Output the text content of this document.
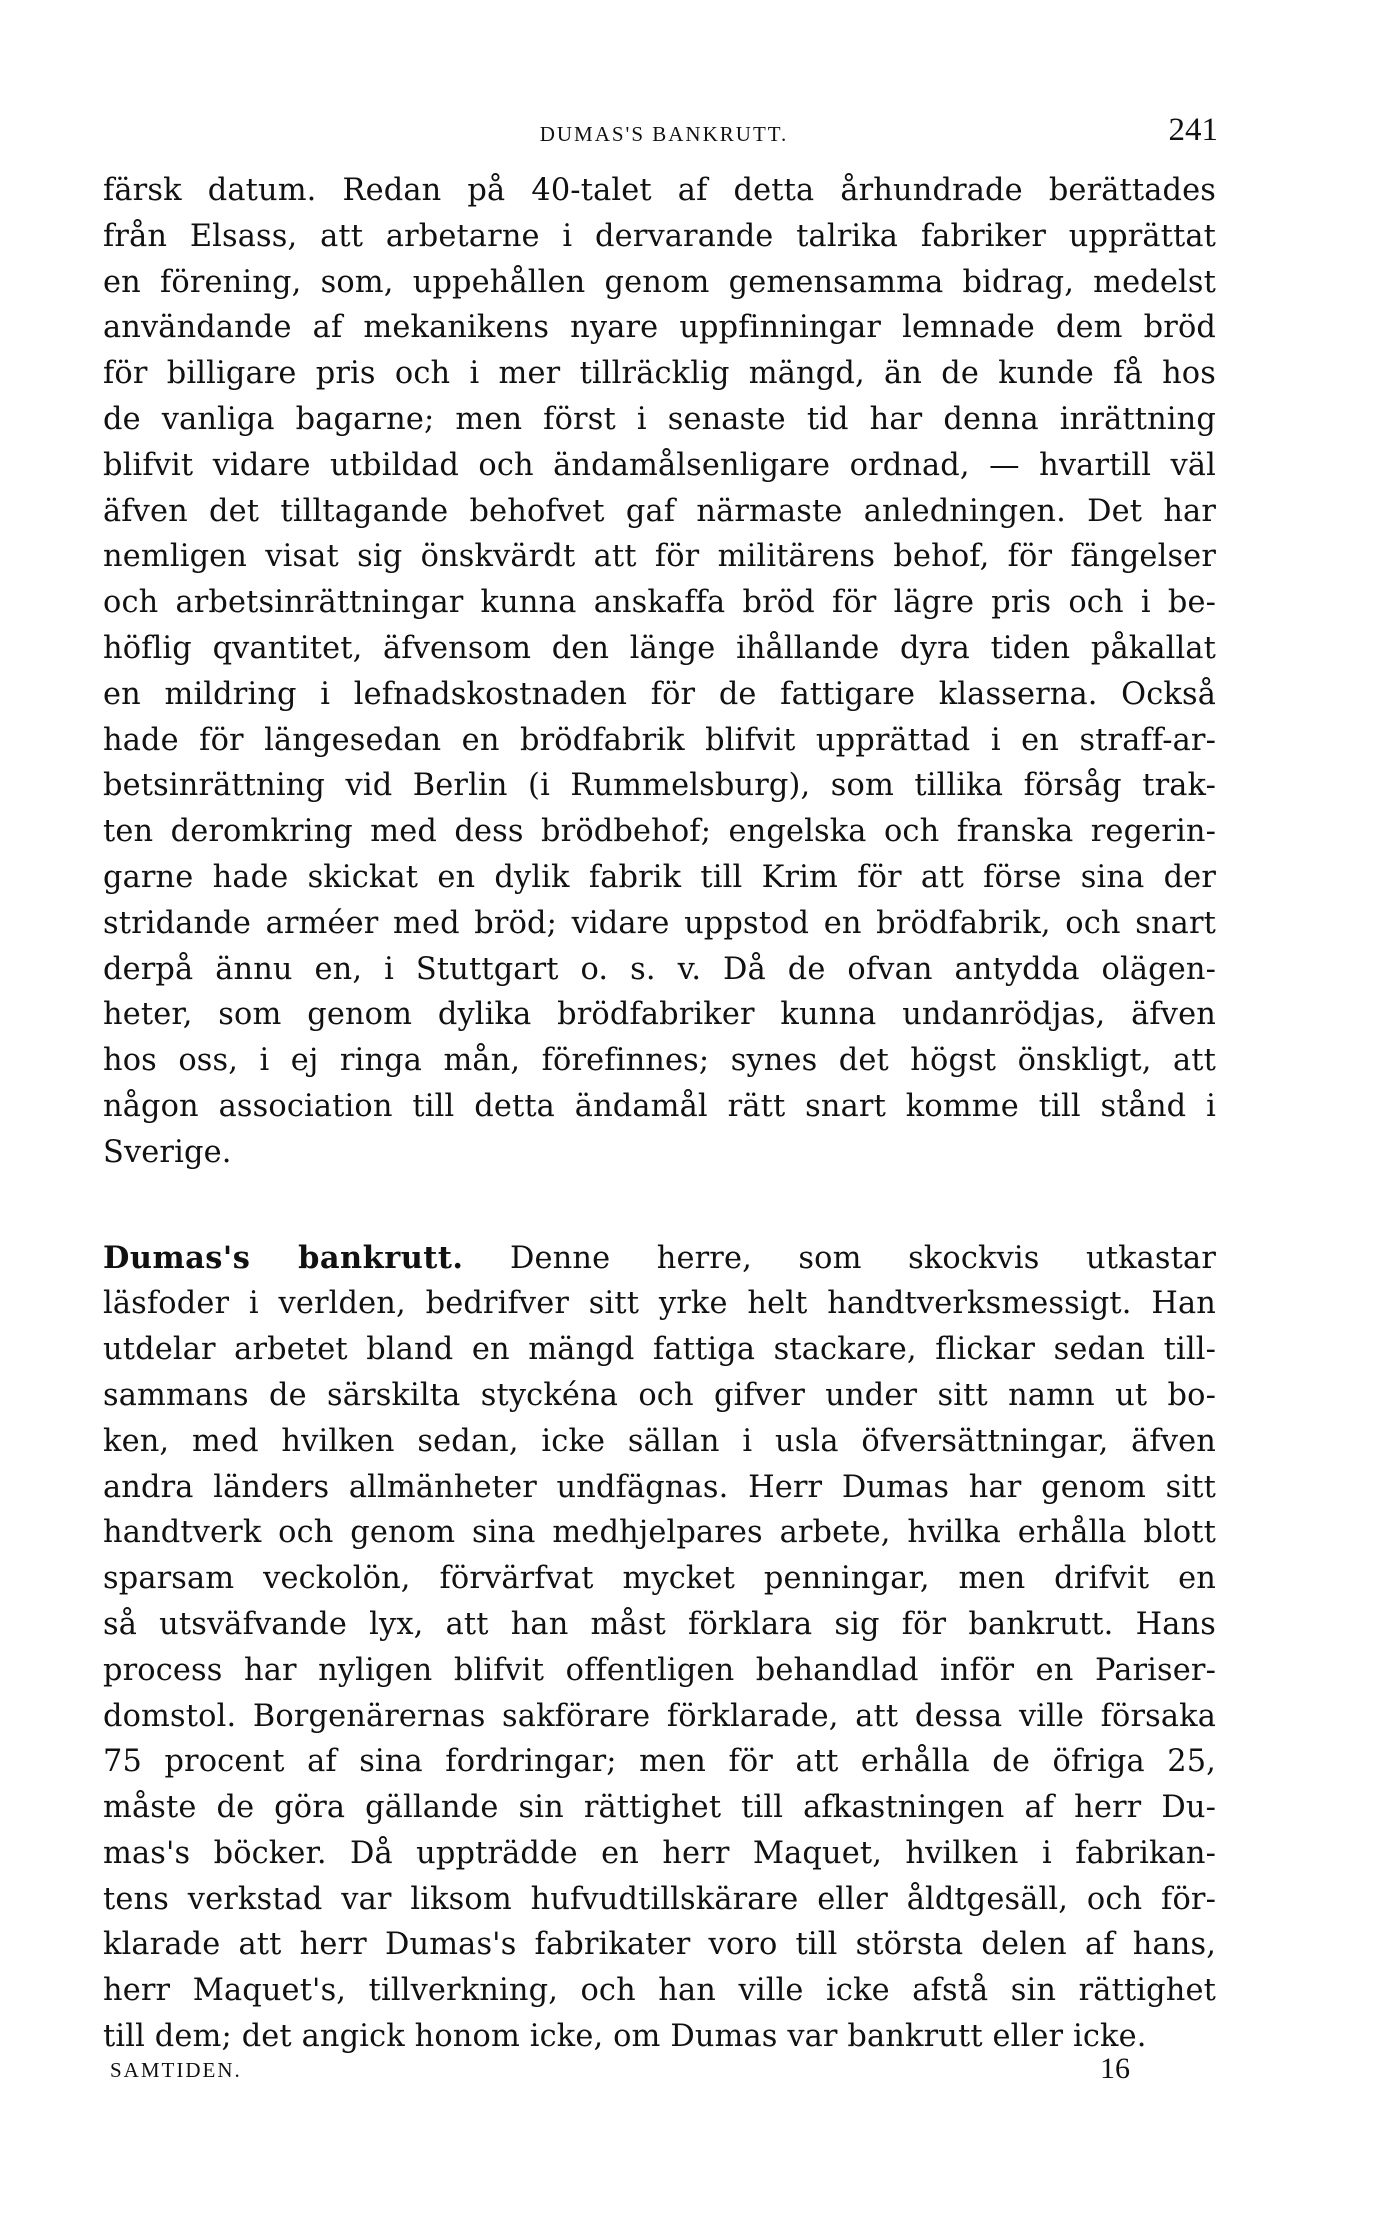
DUMAS'S BANKRUTT.	241
färsk datum. Redan på 40-talet af detta århundrade berättades
från Elsass, att arbetarne i dervarande talrika fabriker upprättat
en förening, som, uppehållen genom gemensamma bidrag, medelst
användande af mekanikens nyare uppfinningar lemnade dem bröd
för billigare pris och i mer tillräcklig mängd, än de kunde få hos
de vanliga bagarne; men först i senaste tid har denna inrättning
blifvit vidare utbildad och ändamålsenligare ordnad, — hvartill väl
äfven det tilltagande behofvet gaf närmaste anledningen. Det har
nemligen visat sig önskvärdt att för militärens behof, för fängelser
och arbetsinrättningar kunna anskaffa bröd för lägre pris och i be-
höflig qvantitet, äfvensom den länge ihållande dyra tiden påkallat
en mildring i lefnadskostnaden för de fattigare klasserna. Också
hade för längesedan en brödfabrik blifvit upprättad i en straff-ar-
betsinrättning vid Berlin (i Rummelsburg), som tillika försåg trak-
ten deromkring med dess brödbehof; engelska och franska regerin-
garne hade skickat en dylik fabrik till Krim för att förse sina der
stridande arméer med bröd; vidare uppstod en brödfabrik, och snart
derpå ännu en, i Stuttgart o. s. v. Då de ofvan antydda olägen-
heter, som genom dylika brödfabriker kunna undanrödjas, äfven
hos oss, i ej ringa mån, förefinnes; synes det högst önskligt, att
någon association till detta ändamål rätt snart komme till stånd i
Sverige.
Dumas's bankrutt. Denne herre, som skockvis utkastar
läsfoder i verlden, bedrifver sitt yrke helt handtverksmessigt. Han
utdelar arbetet bland en mängd fattiga stackare, flickar sedan till-
sammans de särskilta styckéna och gifver under sitt namn ut bo-
ken, med hvilken sedan, icke sällan i usla öfversättningar, äfven
andra länders allmänheter undfägnas. Herr Dumas har genom sitt
handtverk och genom sina medhjelpares arbete, hvilka erhålla blott
sparsam veckolön, förvärfvat mycket penningar, men drifvit en
så utsväfvande lyx, att han måst förklara sig för bankrutt. Hans
process har nyligen blifvit offentligen behandlad inför en Pariser-
domstol. Borgenärernas sakförare förklarade, att dessa ville försaka
75 procent af sina fordringar; men för att erhålla de öfriga 25,
måste de göra gällande sin rättighet till afkastningen af herr Du-
mas's böcker. Då uppträdde en herr Maquet, hvilken i fabrikan-
tens verkstad var liksom hufvudtillskärare eller åldtgesäll, och för-
klarade att herr Dumas's fabrikater voro till största delen af hans,
herr Maquet's, tillverkning, och han ville icke afstå sin rättighet
till dem; det angick honom icke, om Dumas var bankrutt eller icke.
SAMTIDEN.	16
